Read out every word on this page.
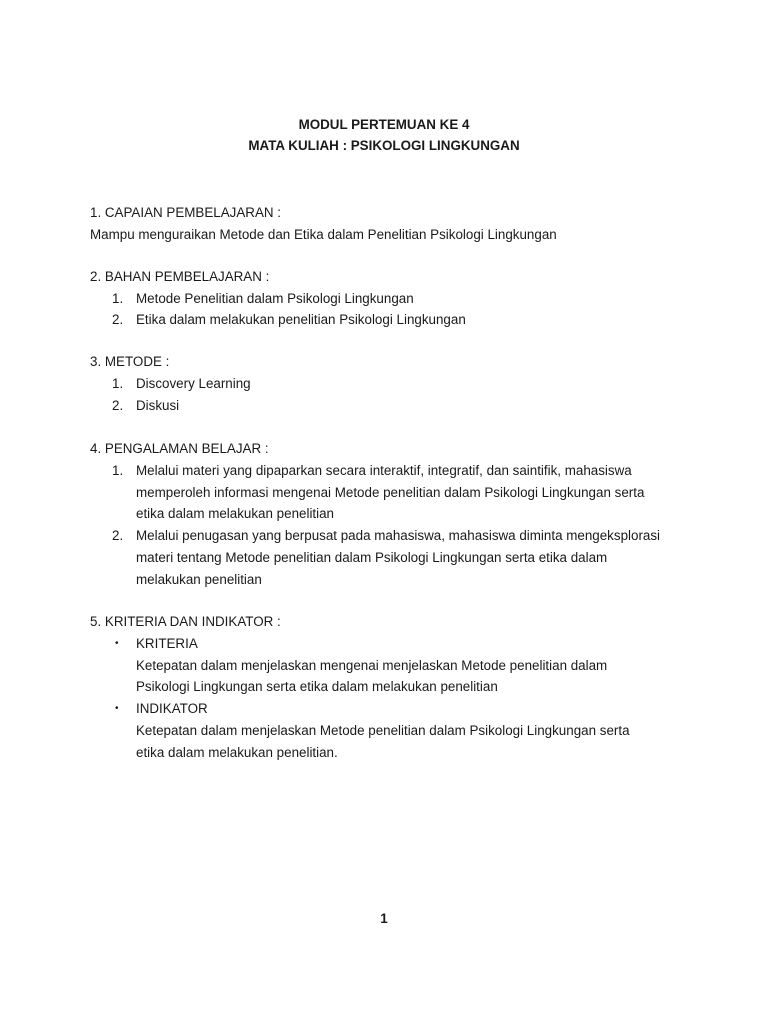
MODUL PERTEMUAN KE 4
MATA KULIAH : PSIKOLOGI LINGKUNGAN

1. CAPAIAN PEMBELAJARAN :

Mampu menguraikan Metode dan Etika dalam Penelitian Psikologi Lingkungan

2. BAHAN PEMBELAJARAN :

1. Metode Penelitian dalam Psikologi Lingkungan
2. Etika dalam melakukan penelitian Psikologi Lingkungan

3. METODE :

1. Discovery Learning
2. Diskusi

4. PENGALAMAN BELAJAR :

1. Melalui materi yang dipaparkan secara interaktif, integratif, dan saintifik, mahasiswa
memperoleh informasi mengenai Metode penelitian dalam Psikologi Lingkungan serta
etika dalam melakukan penelitian
2. Melalui penugasan yang berpusat pada mahasiswa, mahasiswa diminta mengeksplorasi
materi tentang Metode penelitian dalam Psikologi Lingkungan serta etika dalam
melakukan penelitian

5. KRITERIA DAN INDIKATOR :

• KRITERIA
Ketepatan dalam menjelaskan mengenai menjelaskan Metode penelitian dalam
Psikologi Lingkungan serta etika dalam melakukan penelitian
• INDIKATOR
Ketepatan dalam menjelaskan Metode penelitian dalam Psikologi Lingkungan serta
etika dalam melakukan penelitian.
1
